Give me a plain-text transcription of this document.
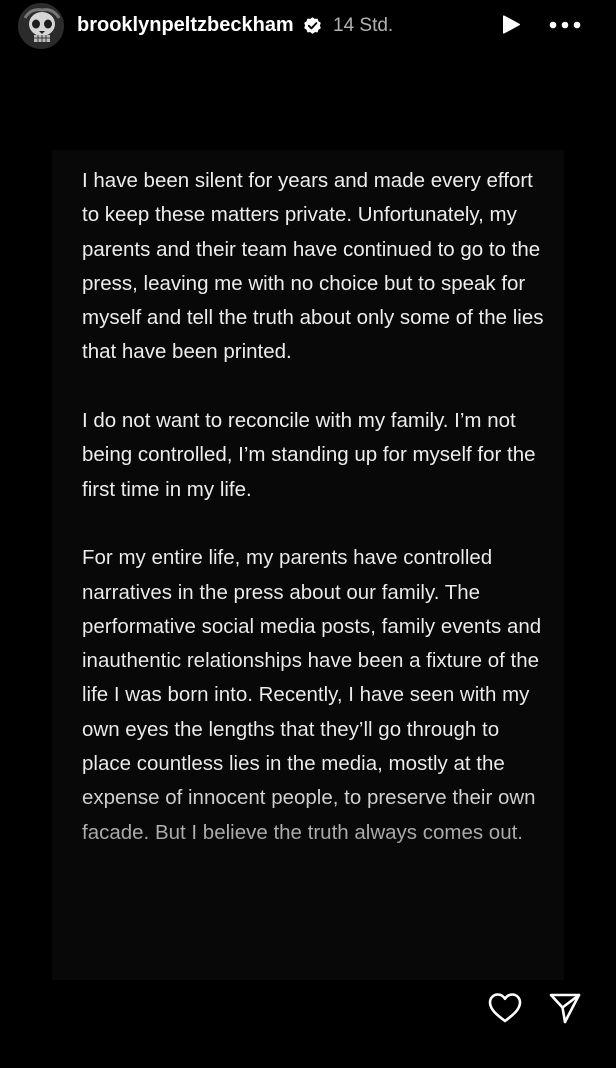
brooklynpeltzbeckham 14 Std.

I have been silent for years and made every effort to keep these matters private. Unfortunately, my parents and their team have continued to go to the press, leaving me with no choice but to speak for myself and tell the truth about only some of the lies that have been printed.

I do not want to reconcile with my family. I’m not being controlled, I’m standing up for myself for the first time in my life.

For my entire life, my parents have controlled narratives in the press about our family. The performative social media posts, family events and inauthentic relationships have been a fixture of the life I was born into. Recently, I have seen with my own eyes the lengths that they’ll go through to place countless lies in the media, mostly at the expense of innocent people, to preserve their own facade. But I believe the truth always comes out.
